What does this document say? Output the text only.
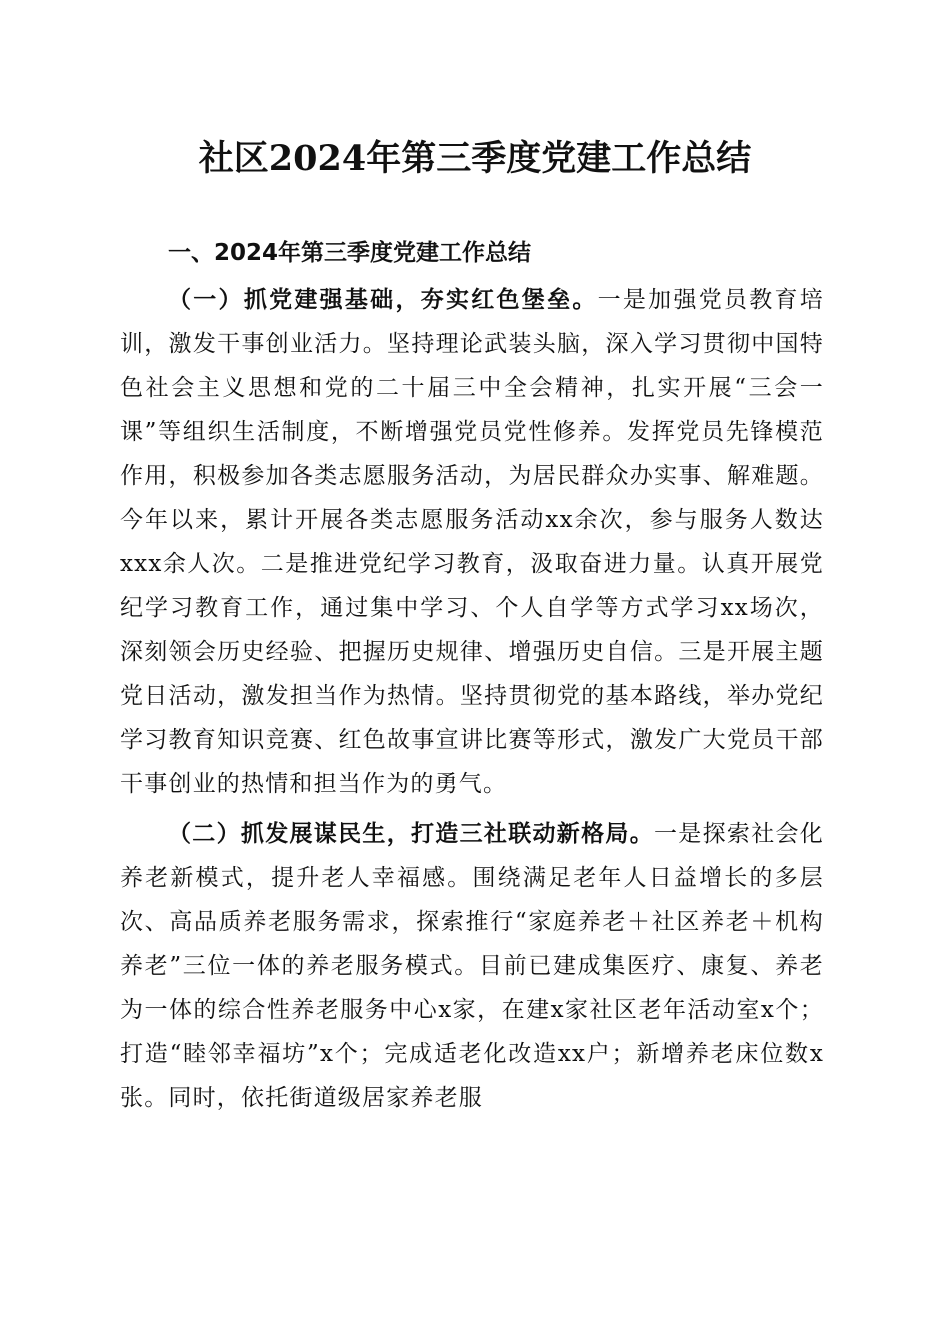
社区2024年第三季度党建工作总结
一、2024年第三季度党建工作总结

（一）抓党建强基础，夯实红色堡垒。一是加强党员教育培训，激发干事创业活力。坚持理论武装头脑，深入学习贯彻中国特色社会主义思想和党的二十届三中全会精神，扎实开展“三会一课”等组织生活制度，不断增强党员党性修养。发挥党员先锋模范作用，积极参加各类志愿服务活动，为居民群众办实事、解难题。今年以来，累计开展各类志愿服务活动xx余次，参与服务人数达xxx余人次。二是推进党纪学习教育，汲取奋进力量。认真开展党纪学习教育工作，通过集中学习、个人自学等方式学习xx场次，深刻领会历史经验、把握历史规律、增强历史自信。三是开展主题党日活动，激发担当作为热情。坚持贯彻党的基本路线，举办党纪学习教育知识竞赛、红色故事宣讲比赛等形式，激发广大党员干部干事创业的热情和担当作为的勇气。

（二）抓发展谋民生，打造三社联动新格局。一是探索社会化养老新模式，提升老人幸福感。围绕满足老年人日益增长的多层次、高品质养老服务需求，探索推行“家庭养老＋社区养老＋机构养老”三位一体的养老服务模式。目前已建成集医疗、康复、养老为一体的综合性养老服务中心x家，在建x家社区老年活动室x个；打造“睦邻幸福坊”x个；完成适老化改造xx户；新增养老床位数x张。同时，依托街道级居家养老服
